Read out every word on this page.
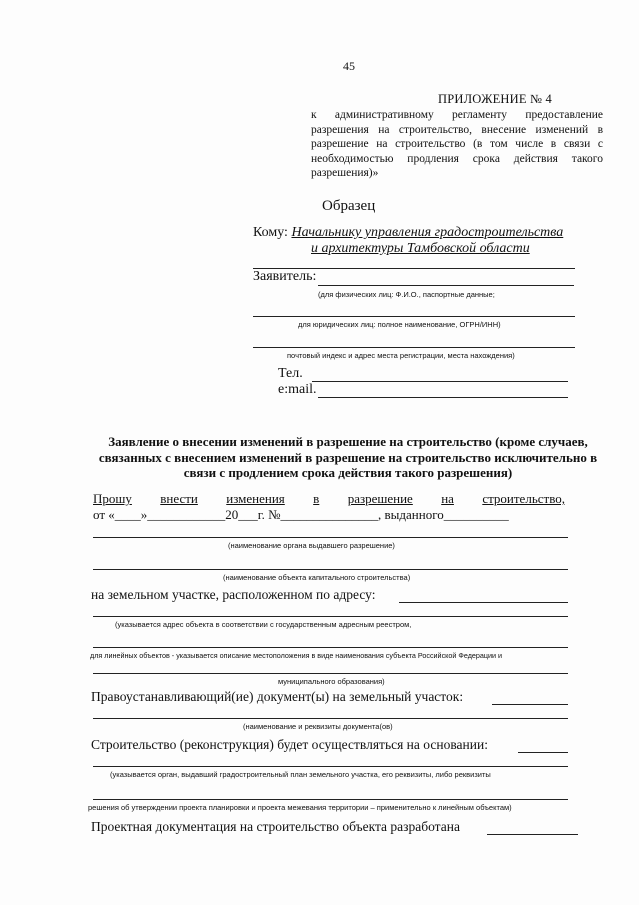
45
ПРИЛОЖЕНИЕ № 4
к административному регламенту предоставление разрешения на строительство, внесение изменений в разрешение на строительство (в том числе в связи с необходимостью продления срока действия такого разрешения)»
Образец
Кому: Начальнику управления градостроительства
и архитектуры Тамбовской области
Заявитель:
(для физических лиц: Ф.И.О., паспортные данные;
для юридических лиц: полное наименование, ОГРН/ИНН)
почтовый индекс и адрес места регистрации, места нахождения)
Тел.
e:mail.
Заявление о внесении изменений в разрешение на строительство (кроме случаев, связанных с внесением изменений в разрешение на строительство исключительно в связи с продлением срока действия такого разрешения)
Прошу внести изменения в разрешение на строительство,
от «____»____________20___г. №_______________, выданного__________
(наименование органа выдавшего разрешение)
(наименование объекта капитального строительства)
на земельном участке, расположенном по адресу:
(указывается адрес объекта в соответствии с государственным адресным реестром,
для линейных объектов - указывается описание местоположения в виде наименования субъекта Российской Федерации и
муниципального образования)
Правоустанавливающий(ие) документ(ы) на земельный участок:
(наименование и реквизиты документа(ов)
Строительство (реконструкция) будет осуществляться на основании:
(указывается орган, выдавший градостроительный план земельного участка, его реквизиты, либо реквизиты
решения об утверждении проекта планировки и проекта межевания территории – применительно к линейным объектам)
Проектная документация на строительство объекта разработана
